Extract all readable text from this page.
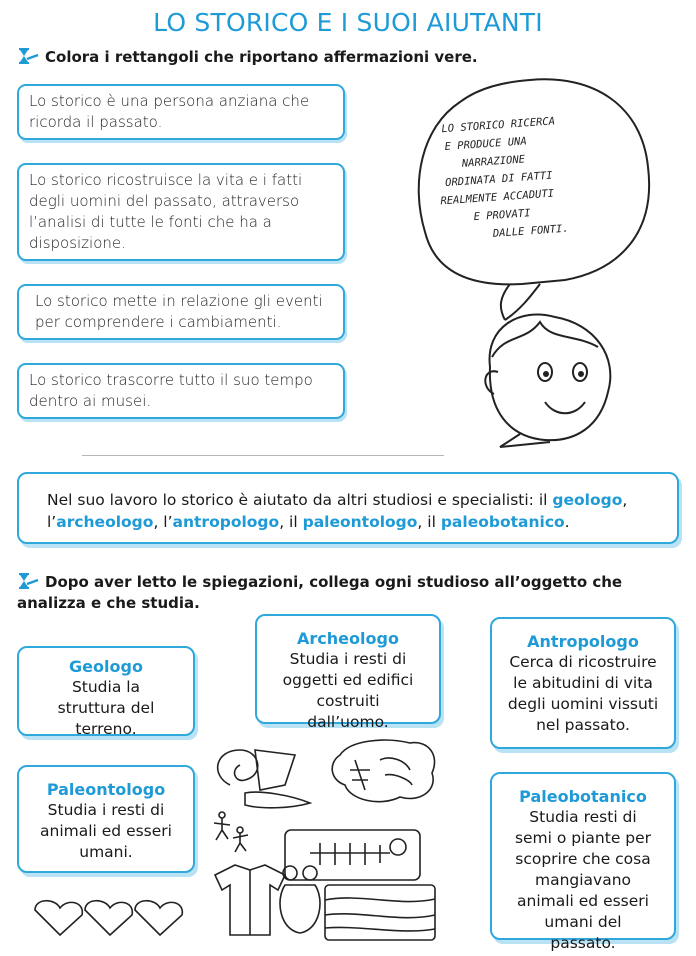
LO STORICO E I SUOI AIUTANTI
Colora i rettangoli che riportano affermazioni vere.
Lo storico è una persona anziana che ricorda il passato.
Lo storico ricostruisce la vita e i fatti degli uomini del passato, attraverso l’analisi di tutte le fonti che ha a disposizione.
Lo storico mette in relazione gli eventi per comprendere i cambiamenti.
Lo storico trascorre tutto il suo tempo dentro ai musei.
LO STORICO RICERCA
E PRODUCE UNA
NARRAZIONE
ORDINATA DI FATTI
REALMENTE ACCADUTI
E PROVATI
DALLE FONTI.
Nel suo lavoro lo storico è aiutato da altri studiosi e specialisti: il geologo,
l’archeologo, l’antropologo, il paleontologo, il paleobotanico.
Dopo aver letto le spiegazioni, collega ogni studioso all’oggetto che analizza e che studia.
Geologo
Studia la struttura del terreno.
Archeologo
Studia i resti di oggetti ed edifici costruiti dall’uomo.
Antropologo
Cerca di ricostruire le abitudini di vita degli uomini vissuti nel passato.
Paleontologo
Studia i resti di animali ed esseri umani.
Paleobotanico
Studia resti di semi o piante per scoprire che cosa mangiavano animali ed esseri umani del passato.
